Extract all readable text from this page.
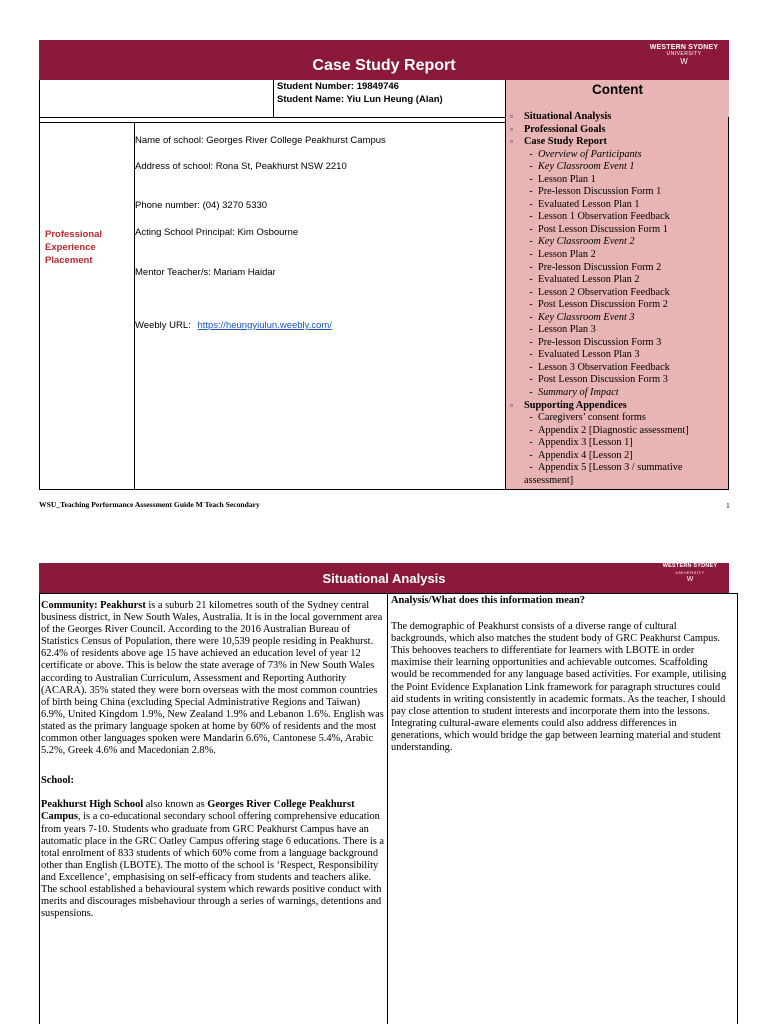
Case Study Report
WESTERN SYDNEY
UNIVERSITY
W
Student Number: 19849746
Student Name: Yiu Lun Heung (Alan)
Content
Professional Experience Placement
Name of school: Georges River College Peakhurst Campus
Address of school: Rona St, Peakhurst NSW 2210
Phone number: (04) 3270 5330
Acting School Principal: Kim Osbourne
Mentor Teacher/s: Mariam Haidar
Weebly URL: https://heungyiulun.weebly.com/
▫ Situational Analysis
▫ Professional Goals
▫ Case Study Report
- Overview of Participants
- Key Classroom Event 1
- Lesson Plan 1
- Pre-lesson Discussion Form 1
- Evaluated Lesson Plan 1
- Lesson 1 Observation Feedback
- Post Lesson Discussion Form 1
- Key Classroom Event 2
- Lesson Plan 2
- Pre-lesson Discussion Form 2
- Evaluated Lesson Plan 2
- Lesson 2 Observation Feedback
- Post Lesson Discussion Form 2
- Key Classroom Event 3
- Lesson Plan 3
- Pre-lesson Discussion Form 3
- Evaluated Lesson Plan 3
- Lesson 3 Observation Feedback
- Post Lesson Discussion Form 3
- Summary of Impact
▫ Supporting Appendices
- Caregivers’ consent forms
- Appendix 2 [Diagnostic assessment]
- Appendix 3 [Lesson 1]
- Appendix 4 [Lesson 2]
- Appendix 5 [Lesson 3 / summative assessment]
WSU_Teaching Performance Assessment Guide M Teach Secondary	1
Situational Analysis
WESTERN SYDNEY
UNIVERSITY
W

Community: Peakhurst is a suburb 21 kilometres south of the Sydney central business district, in New South Wales, Australia. It is in the local government area of the Georges River Council. According to the 2016 Australian Bureau of Statistics Census of Population, there were 10,539 people residing in Peakhurst. 62.4% of residents above age 15 have achieved an education level of year 12 certificate or above. This is below the state average of 73% in New South Wales according to Australian Curriculum, Assessment and Reporting Authority (ACARA). 35% stated they were born overseas with the most common countries of birth being China (excluding Special Administrative Regions and Taiwan) 6.9%, United Kingdom 1.9%, New Zealand 1.9% and Lebanon 1.6%. English was stated as the primary language spoken at home by 60% of residents and the most common other languages spoken were Mandarin 6.6%, Cantonese 5.4%, Arabic 5.2%, Greek 4.6% and Macedonian 2.8%.

School:

Peakhurst High School also known as Georges River College Peakhurst Campus, is a co-educational secondary school offering comprehensive education from years 7-10. Students who graduate from GRC Peakhurst Campus have an automatic place in the GRC Oatley Campus offering stage 6 educations. There is a total enrolment of 833 students of which 60% come from a language background other than English (LBOTE). The motto of the school is ‘Respect, Responsibility and Excellence’, emphasising on self-efficacy from students and teachers alike. The school established a behavioural system which rewards positive conduct with merits and discourages misbehaviour through a series of warnings, detentions and suspensions.

Analysis/What does this information mean?

The demographic of Peakhurst consists of a diverse range of cultural backgrounds, which also matches the student body of GRC Peakhurst Campus. This behooves teachers to differentiate for learners with LBOTE in order maximise their learning opportunities and achievable outcomes. Scaffolding would be recommended for any language based activities. For example, utilising the Point Evidence Explanation Link framework for paragraph structures could aid students in writing consistently in academic formats. As the teacher, I should pay close attention to student interests and incorporate them into the lessons. Integrating cultural-aware elements could also address differences in generations, which would bridge the gap between learning material and student understanding.
